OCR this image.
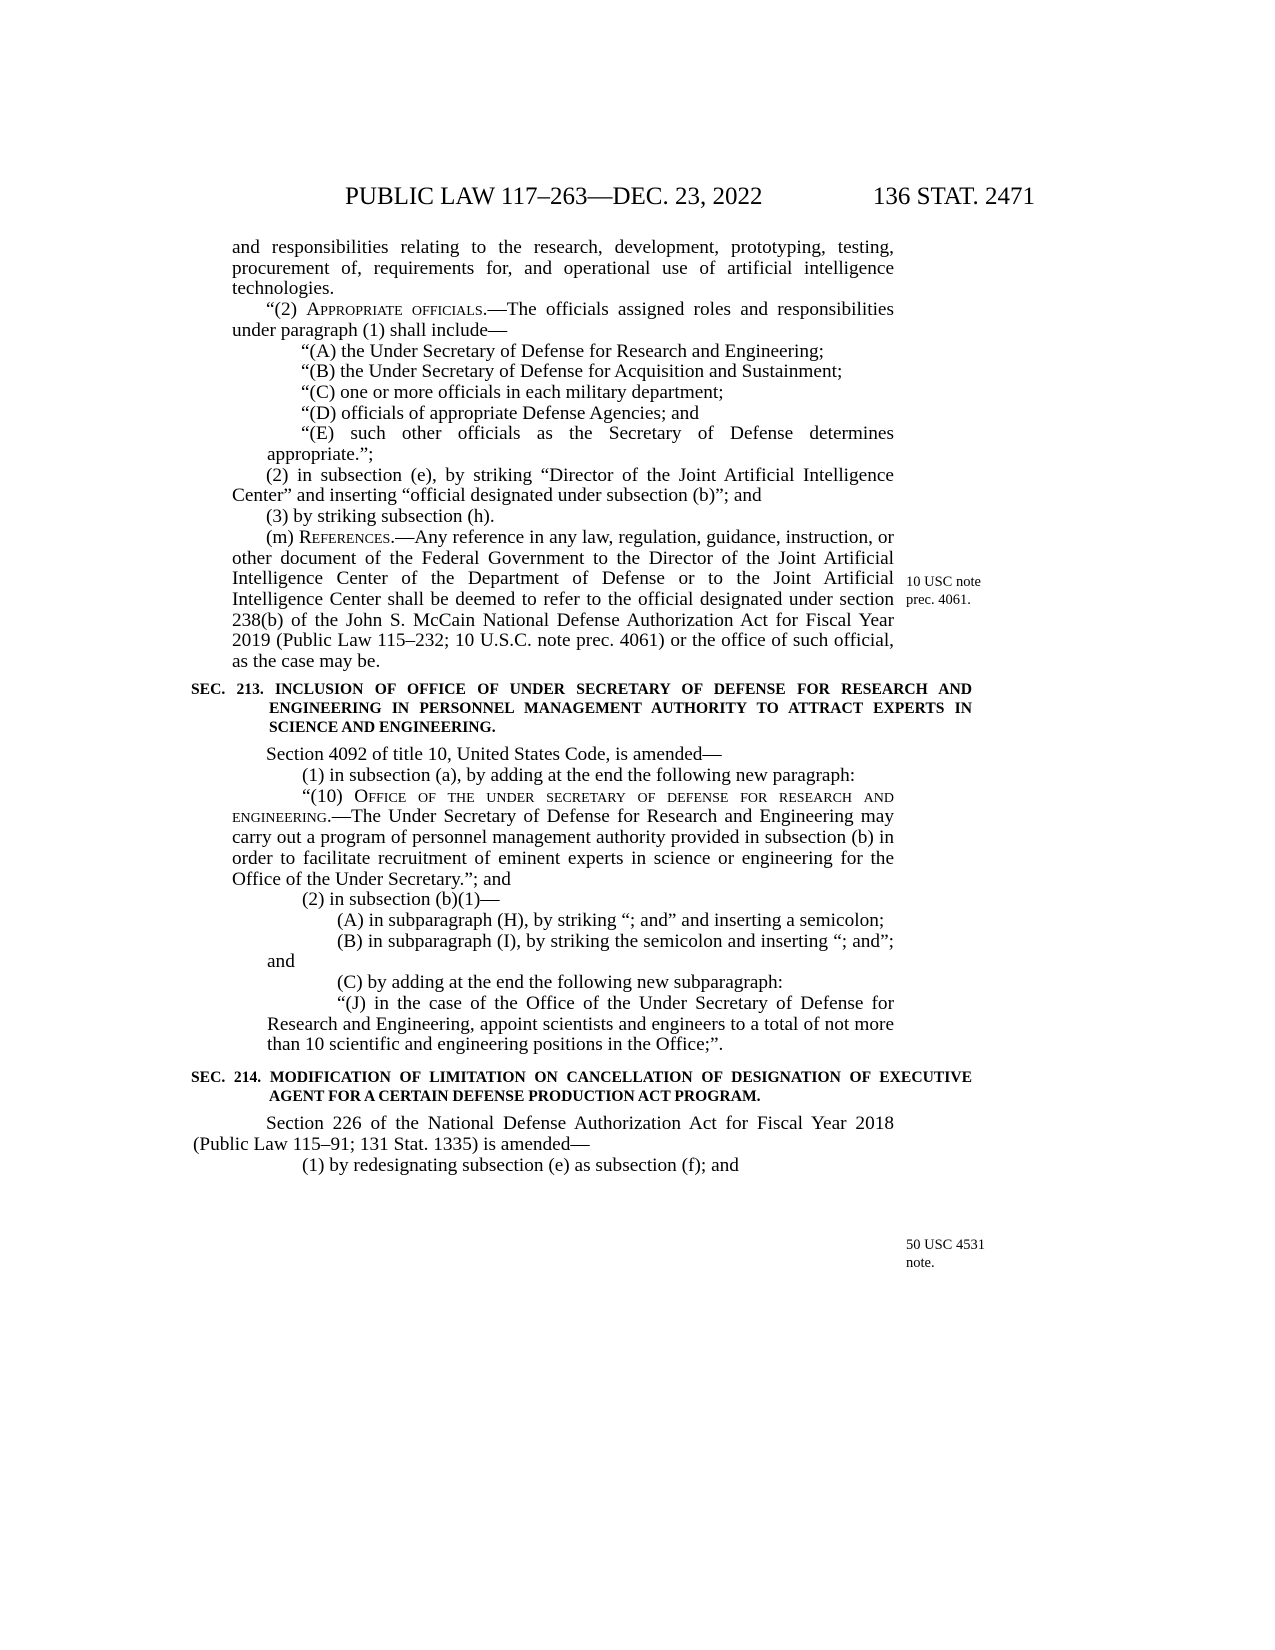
PUBLIC LAW 117–263—DEC. 23, 2022	136 STAT. 2471
10 USC note
prec. 4061.
50 USC 4531
note.

and responsibilities relating to the research, development, prototyping, testing, procurement of, requirements for, and operational use of artificial intelligence technologies.

“(2) Appropriate officials.—The officials assigned roles and responsibilities under paragraph (1) shall include—

“(A) the Under Secretary of Defense for Research and Engineering;

“(B) the Under Secretary of Defense for Acquisition and Sustainment;

“(C) one or more officials in each military department;

“(D) officials of appropriate Defense Agencies; and

“(E) such other officials as the Secretary of Defense determines appropriate.”;

(2) in subsection (e), by striking “Director of the Joint Artificial Intelligence Center” and inserting “official designated under subsection (b)”; and

(3) by striking subsection (h).

(m) References.—Any reference in any law, regulation, guidance, instruction, or other document of the Federal Government to the Director of the Joint Artificial Intelligence Center of the Department of Defense or to the Joint Artificial Intelligence Center shall be deemed to refer to the official designated under section 238(b) of the John S. McCain National Defense Authorization Act for Fiscal Year 2019 (Public Law 115–232; 10 U.S.C. note prec. 4061) or the office of such official, as the case may be.

SEC. 213. INCLUSION OF OFFICE OF UNDER SECRETARY OF DEFENSE FOR RESEARCH AND ENGINEERING IN PERSONNEL MANAGEMENT AUTHORITY TO ATTRACT EXPERTS IN SCIENCE AND ENGINEERING.

Section 4092 of title 10, United States Code, is amended—

(1) in subsection (a), by adding at the end the following new paragraph:

“(10) Office of the under secretary of defense for research and engineering.—The Under Secretary of Defense for Research and Engineering may carry out a program of personnel management authority provided in subsection (b) in order to facilitate recruitment of eminent experts in science or engineering for the Office of the Under Secretary.”; and

(2) in subsection (b)(1)—

(A) in subparagraph (H), by striking “; and” and inserting a semicolon;

(B) in subparagraph (I), by striking the semicolon and inserting “; and”; and

(C) by adding at the end the following new subparagraph:

“(J) in the case of the Office of the Under Secretary of Defense for Research and Engineering, appoint scientists and engineers to a total of not more than 10 scientific and engineering positions in the Office;”.

SEC. 214. MODIFICATION OF LIMITATION ON CANCELLATION OF DESIGNATION OF EXECUTIVE AGENT FOR A CERTAIN DEFENSE PRODUCTION ACT PROGRAM.

Section 226 of the National Defense Authorization Act for Fiscal Year 2018 (Public Law 115–91; 131 Stat. 1335) is amended—

(1) by redesignating subsection (e) as subsection (f); and
